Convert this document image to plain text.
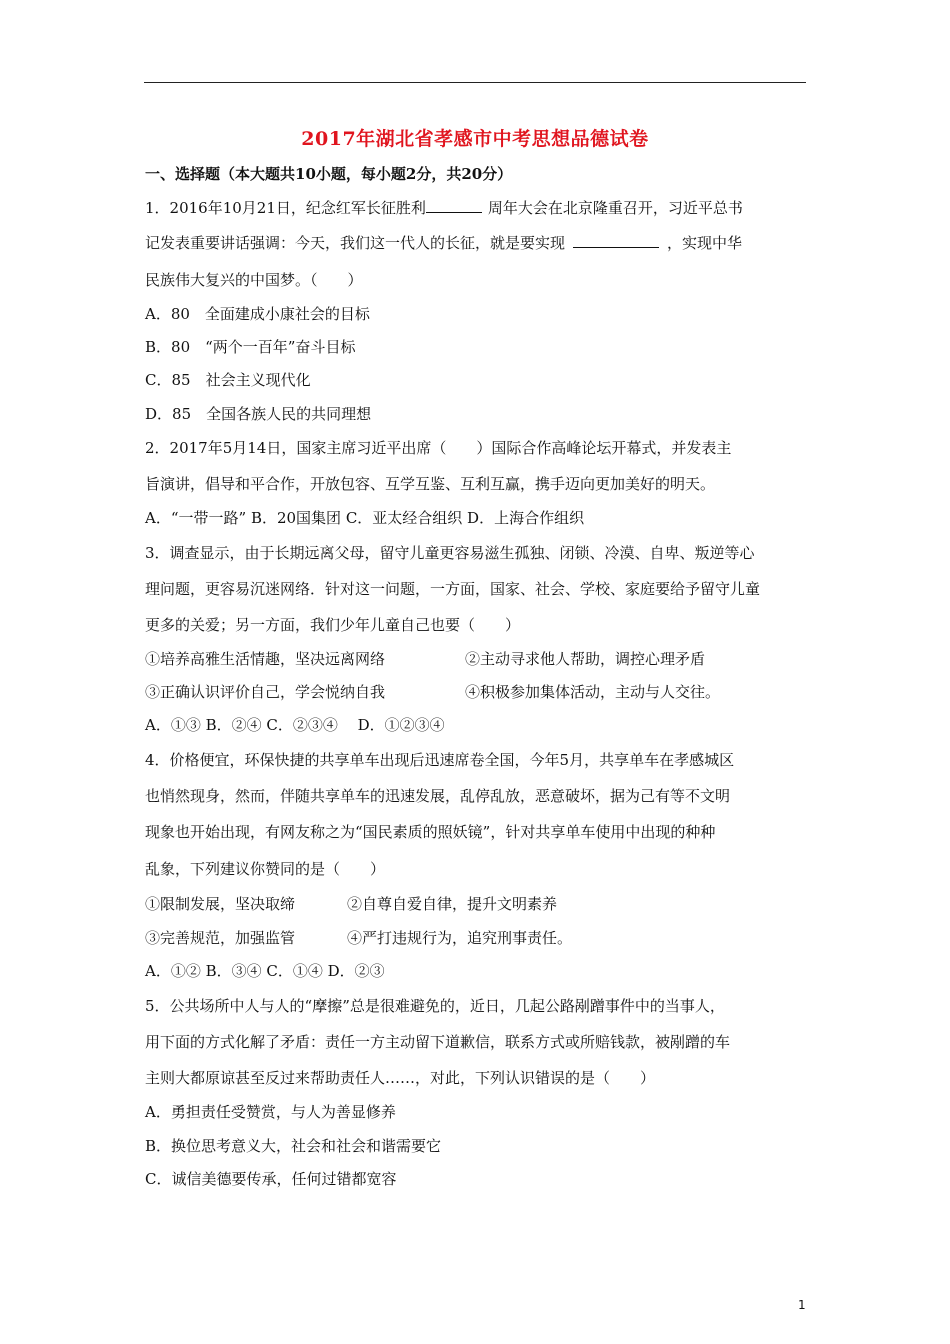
2017年湖北省孝感市中考思想品德试卷
一、选择题（本大题共10小题，每小题2分，共20分）
1．2016年10月21日，纪念红军长征胜利	周年大会在北京隆重召开，习近平总书
记发表重要讲话强调：今天，我们这一代人的长征，就是要实现	，实现中华
民族伟大复兴的中国梦。（　　）
A．80　全面建成小康社会的目标
B．80　“两个一百年”奋斗目标
C．85　社会主义现代化
D．85　全国各族人民的共同理想
2．2017年5月14日，国家主席习近平出席（　　）国际合作高峰论坛开幕式，并发表主
旨演讲，倡导和平合作，开放包容、互学互鉴、互利互赢，携手迈向更加美好的明天。
A．“一带一路” B．20国集团 C．亚太经合组织 D．上海合作组织
3．调查显示，由于长期远离父母，留守儿童更容易滋生孤独、闭锁、冷漠、自卑、叛逆等心
理问题，更容易沉迷网络．针对这一问题，一方面，国家、社会、学校、家庭要给予留守儿童
更多的关爱；另一方面，我们少年儿童自己也要（　　）
①培养高雅生活情趣，坚决远离网络	②主动寻求他人帮助，调控心理矛盾
③正确认识评价自己，学会悦纳自我	④积极参加集体活动，主动与人交往。
A．①③ B．②④ C．②③④　 D．①②③④
4．价格便宜，环保快捷的共享单车出现后迅速席卷全国，今年5月，共享单车在孝感城区
也悄然现身，然而，伴随共享单车的迅速发展，乱停乱放，恶意破坏，据为己有等不文明
现象也开始出现，有网友称之为“国民素质的照妖镜”，针对共享单车使用中出现的种种
乱象，下列建议你赞同的是（　　）
①限制发展，坚决取缔	②自尊自爱自律，提升文明素养
③完善规范，加强监管	④严打违规行为，追究刑事责任。
A．①② B．③④ C．①④ D．②③
5．公共场所中人与人的“摩擦”总是很难避免的，近日，几起公路剐蹭事件中的当事人，
用下面的方式化解了矛盾：责任一方主动留下道歉信，联系方式或所赔钱款，被剐蹭的车
主则大都原谅甚至反过来帮助责任人……，对此，下列认识错误的是（　　）
A．勇担责任受赞赏，与人为善显修养
B．换位思考意义大，社会和社会和谐需要它
C．诚信美德要传承，任何过错都宽容
1
